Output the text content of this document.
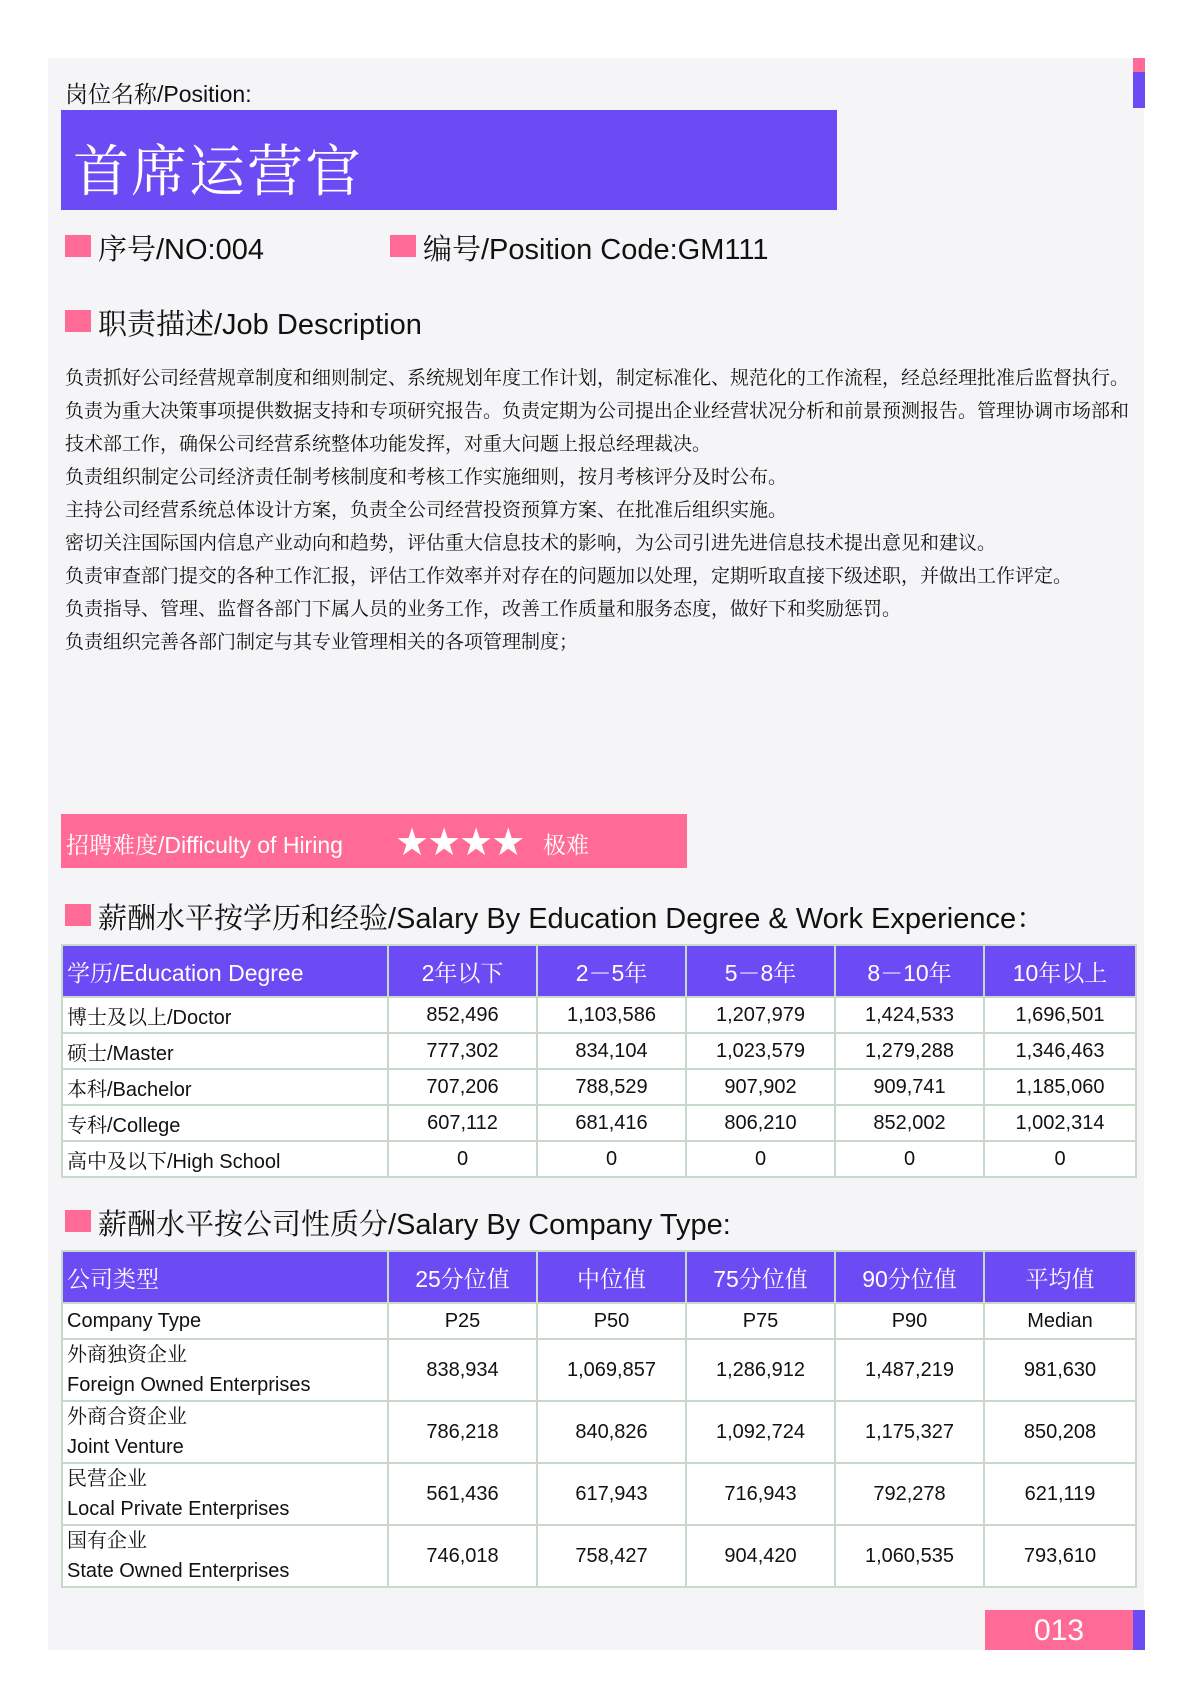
岗位名称/Position:
首席运营官
序号/NO:004	编号/Position Code:GM111
职责描述/Job Description

负责抓好公司经营规章制度和细则制定、系统规划年度工作计划，制定标准化、规范化的工作流程，经总经理批准后监督执行。

负责为重大决策事项提供数据支持和专项研究报告。负责定期为公司提出企业经营状况分析和前景预测报告。管理协调市场部和技术部工作，确保公司经营系统整体功能发挥，对重大问题上报总经理裁决。

负责组织制定公司经济责任制考核制度和考核工作实施细则，按月考核评分及时公布。

主持公司经营系统总体设计方案，负责全公司经营投资预算方案、在批准后组织实施。

密切关注国际国内信息产业动向和趋势，评估重大信息技术的影响，为公司引进先进信息技术提出意见和建议。

负责审查部门提交的各种工作汇报，评估工作效率并对存在的问题加以处理，定期听取直接下级述职，并做出工作评定。

负责指导、管理、监督各部门下属人员的业务工作，改善工作质量和服务态度，做好下和奖励惩罚。

负责组织完善各部门制定与其专业管理相关的各项管理制度；

招聘难度/Difficulty of Hiring ★★★★ 极难
薪酬水平按学历和经验/Salary By Education Degree & Work Experience：
学历/Education Degree	2年以下	2－5年	5－8年	8－10年	10年以上
博士及以上/Doctor	852,496	1,103,586	1,207,979	1,424,533	1,696,501
硕士/Master	777,302	834,104	1,023,579	1,279,288	1,346,463
本科/Bachelor	707,206	788,529	907,902	909,741	1,185,060
专科/College	607,112	681,416	806,210	852,002	1,002,314
高中及以下/High School	0	0	0	0	0
薪酬水平按公司性质分/Salary By Company Type:
公司类型	25分位值	中位值	75分位值	90分位值	平均值
Company Type	P25	P50	P75	P90	Median

外商独资企业
Foreign Owned Enterprises	838,934	1,069,857	1,286,912	1,487,219	981,630

外商合资企业
Joint Venture	786,218	840,826	1,092,724	1,175,327	850,208

民营企业
Local Private Enterprises	561,436	617,943	716,943	792,278	621,119

国有企业
State Owned Enterprises	746,018	758,427	904,420	1,060,535	793,610
013
